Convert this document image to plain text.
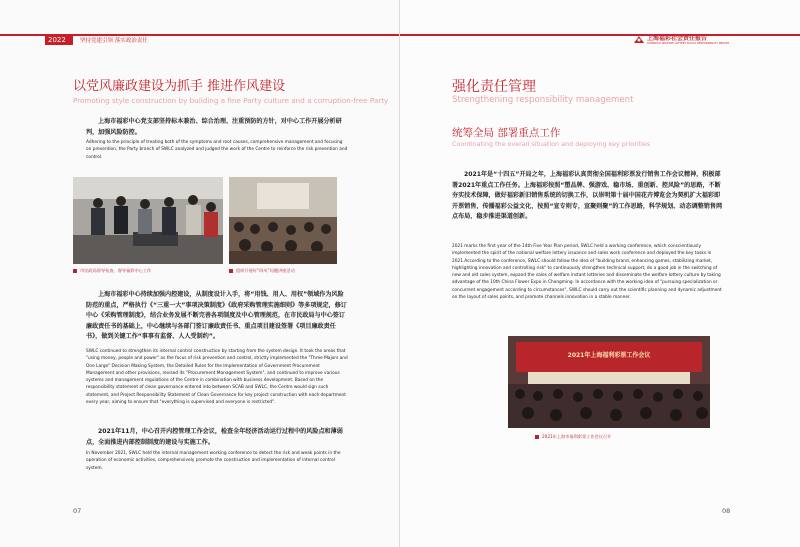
2022	坚持党建引领 落实政治责任
以党风廉政建设为抓手 推进作风建设
Promoting style construction by building a fine Party culture and a corruption-free Party

上海市福彩中心党支部坚持标本兼治、综合治理、注重预防的方针，对中心工作开展分析研判，加强风险防控。

Adhering to the principle of treating both of the symptoms and root causes, comprehensive management and focusing on prevention, the Party branch of SWLC analyzed and judged the work of the Centre to reinforce the risk prevention and control.

市民政局领导检查、督导福彩中心工作	组织开展好“四风”问题讲座活动

上海市福彩中心持续加强内控建设，从制度设计入手，将“用钱、用人、用权”领域作为风险防范的重点，严格执行《“三重一大”事项决策制度》《政府采购管理实施细则》等多项规定，修订中心《采购管理制度》，结合业务发展不断完善各项制度及中心管理规范，在市民政局与中心签订廉政责任书的基础上，中心继续与各部门签订廉政责任书、重点项目建设签署《项目廉政责任书》，做到关键工作“事事有监督、人人受制约”。

SWLC continued to strengthen its internal control construction by starting from the system design. It took the areas that "using money, people and power" as the focus of risk prevention and control, strictly implemented the "Three Majors and One Large" Decision Making System, the Detailed Rules for the Implementation of Government Procurement Management and other provisions, revised its "Procurement Management System", and continued to improve various systems and management regulations of the Centre in combination with business development. Based on the responsibility statement of clean governance entered into between SCAB and SWLC, the Centre would sign such statement, and Project Responsibility Statement of Clean Governance for key project construction with each department every year, aiming to ensure that "everything is supervised and everyone is restricted".

2021年11月，中心召开内控管理工作会议，检查全年经济活动运行过程中的风险点和薄弱点，全面推进内部控制制度的建设与实施工作。

In November 2021, SWLC held the internal management working conference to detect the risk and weak points in the operation of economic activities, comprehensively promote the construction and implementation of internal control system.

07
上海福彩社会责任报告
SHANGHAI WELFARE LOTTERY SOCIAL RESPONSIBILITY REPORT
强化责任管理
Strengthening responsibility management
统筹全局 部署重点工作
Coordinating the overall situation and deploying key priorities

2021年是“十四五”开局之年，上海福彩认真贯彻全国福利彩票发行销售工作会议精神，积极部署2021年重点工作任务。上海福彩按照“塑品牌、强游戏、稳市场、重创新、控风险”的思路，不断夯实技术保障，做好福彩新旧销售系统的切换工作，以崇明第十届中国花卉博览会为契机扩大福彩即开票销售，传播福彩公益文化，按照“宣专则专，宣聚则聚”的工作思路，科学规划、动态调整销售网点布局，稳步推进渠道创新。

2021 marks the first year of the 14th Five Year Plan period, SWLC held a working conference, which conscientiously implemented the spirit of the national welfare lottery issuance and sales work conference and deployed the key tasks in 2021.According to the conference, SWLC should follow the idea of "building brand, enhancing games, stabilizing market, highlighting innovation and controlling risk" to continuously strengthen technical support, do a good job in the switching of new and old sales system, expand the sales of welfare instant lotteries and disseminate the welfare lottery culture by taking advantage of the 10th China Flower Expo in Chongming. In accordance with the working idea of "pursuing specialization or concurrent engagement according to circumstances", SWLC should carry out the scientific planning and dynamic adjustment on the layout of sales points, and promote channels innovation in a stable manner.

2021年上海福利彩票工作会议
2021年上海市福利彩票工作会议召开
08
